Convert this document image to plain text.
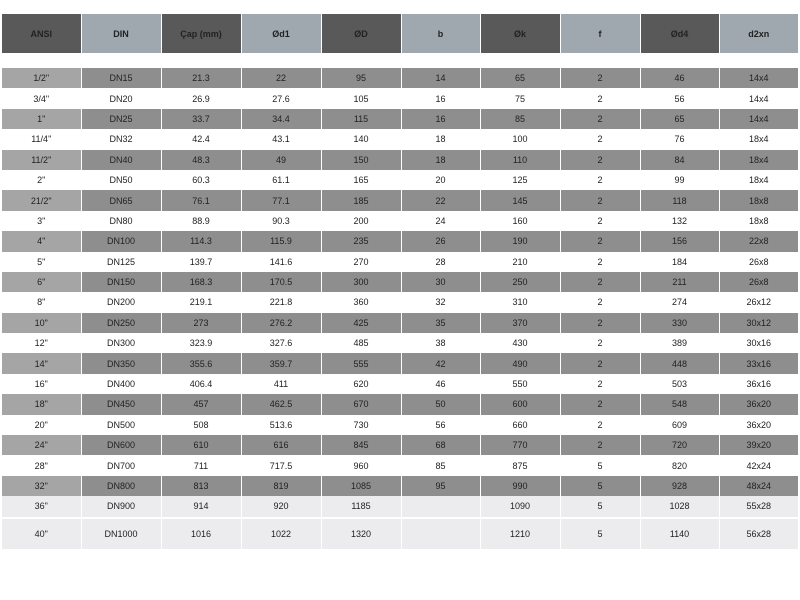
ANSI	DIN	Çap (mm)	Ød1	ØD	b	Øk	f	Ød4	d2xn

1/2"	DN15	21.3	22	95	14	65	2	46	14x4
3/4"	DN20	26.9	27.6	105	16	75	2	56	14x4
1"	DN25	33.7	34.4	115	16	85	2	65	14x4
11/4"	DN32	42.4	43.1	140	18	100	2	76	18x4
11/2"	DN40	48.3	49	150	18	110	2	84	18x4
2"	DN50	60.3	61.1	165	20	125	2	99	18x4
21/2"	DN65	76.1	77.1	185	22	145	2	118	18x8
3"	DN80	88.9	90.3	200	24	160	2	132	18x8
4"	DN100	114.3	115.9	235	26	190	2	156	22x8
5"	DN125	139.7	141.6	270	28	210	2	184	26x8
6"	DN150	168.3	170.5	300	30	250	2	211	26x8
8"	DN200	219.1	221.8	360	32	310	2	274	26x12
10"	DN250	273	276.2	425	35	370	2	330	30x12
12"	DN300	323.9	327.6	485	38	430	2	389	30x16
14"	DN350	355.6	359.7	555	42	490	2	448	33x16
16"	DN400	406.4	411	620	46	550	2	503	36x16
18"	DN450	457	462.5	670	50	600	2	548	36x20
20"	DN500	508	513.6	730	56	660	2	609	36x20
24"	DN600	610	616	845	68	770	2	720	39x20
28"	DN700	711	717.5	960	85	875	5	820	42x24
32"	DN800	813	819	1085	95	990	5	928	48x24
36"	DN900	914	920	1185		1090	5	1028	55x28
40"	DN1000	1016	1022	1320		1210	5	1140	56x28
